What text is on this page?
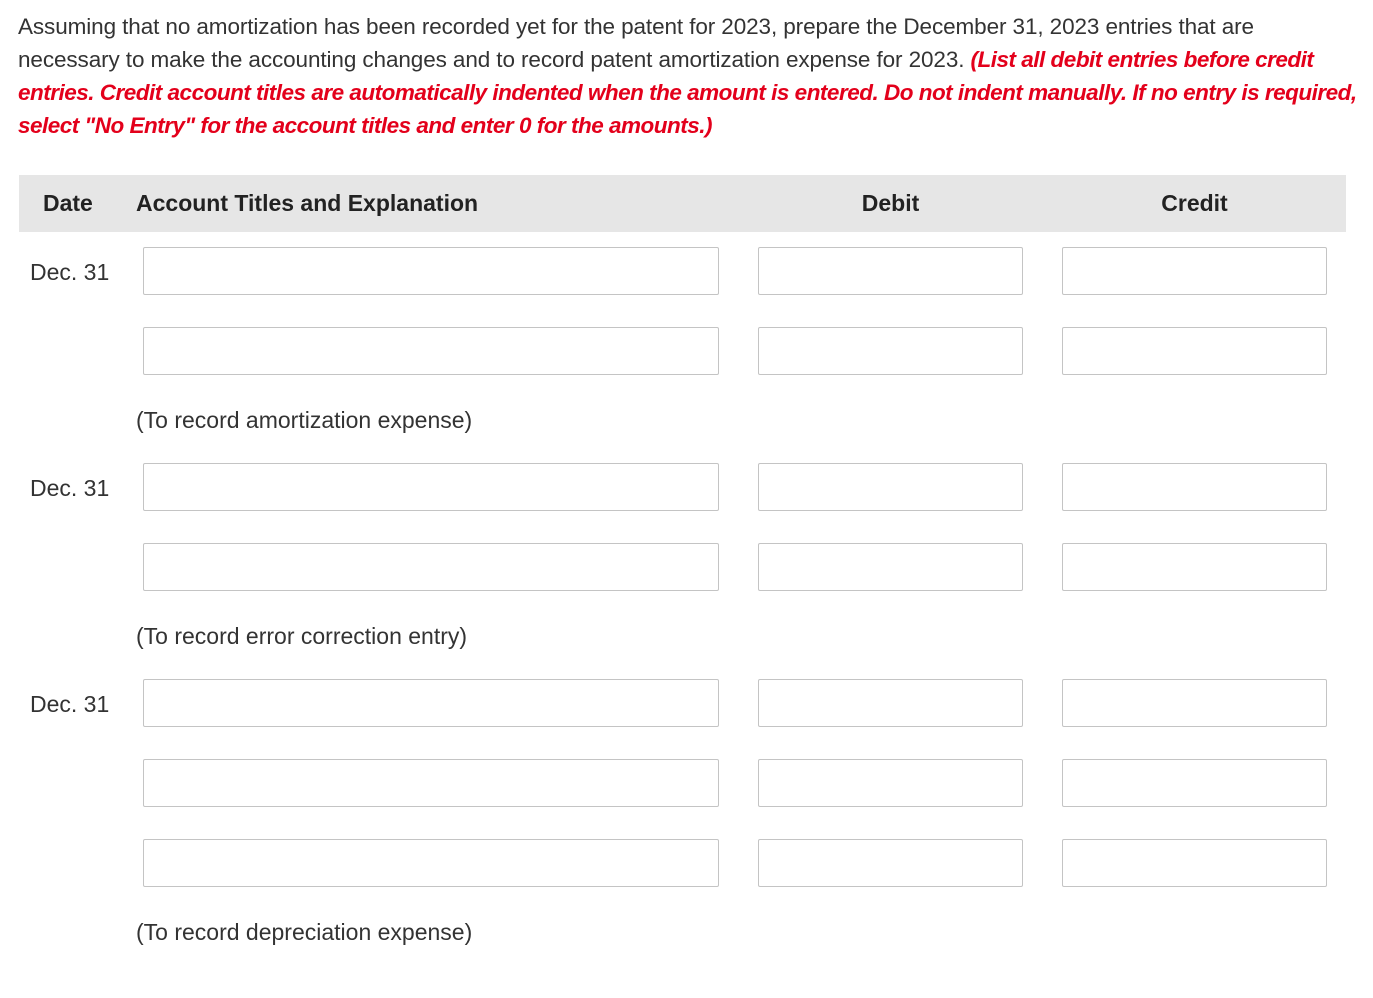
Assuming that no amortization has been recorded yet for the patent for 2023, prepare the December 31, 2023 entries that are necessary to make the accounting changes and to record patent amortization expense for 2023. (List all debit entries before credit entries. Credit account titles are automatically indented when the amount is entered. Do not indent manually. If no entry is required, select "No Entry" for the account titles and enter 0 for the amounts.)
Date Account Titles and Explanation	Debit	Credit
Dec. 31
(To record amortization expense)
Dec. 31
(To record error correction entry)
Dec. 31
(To record depreciation expense)
